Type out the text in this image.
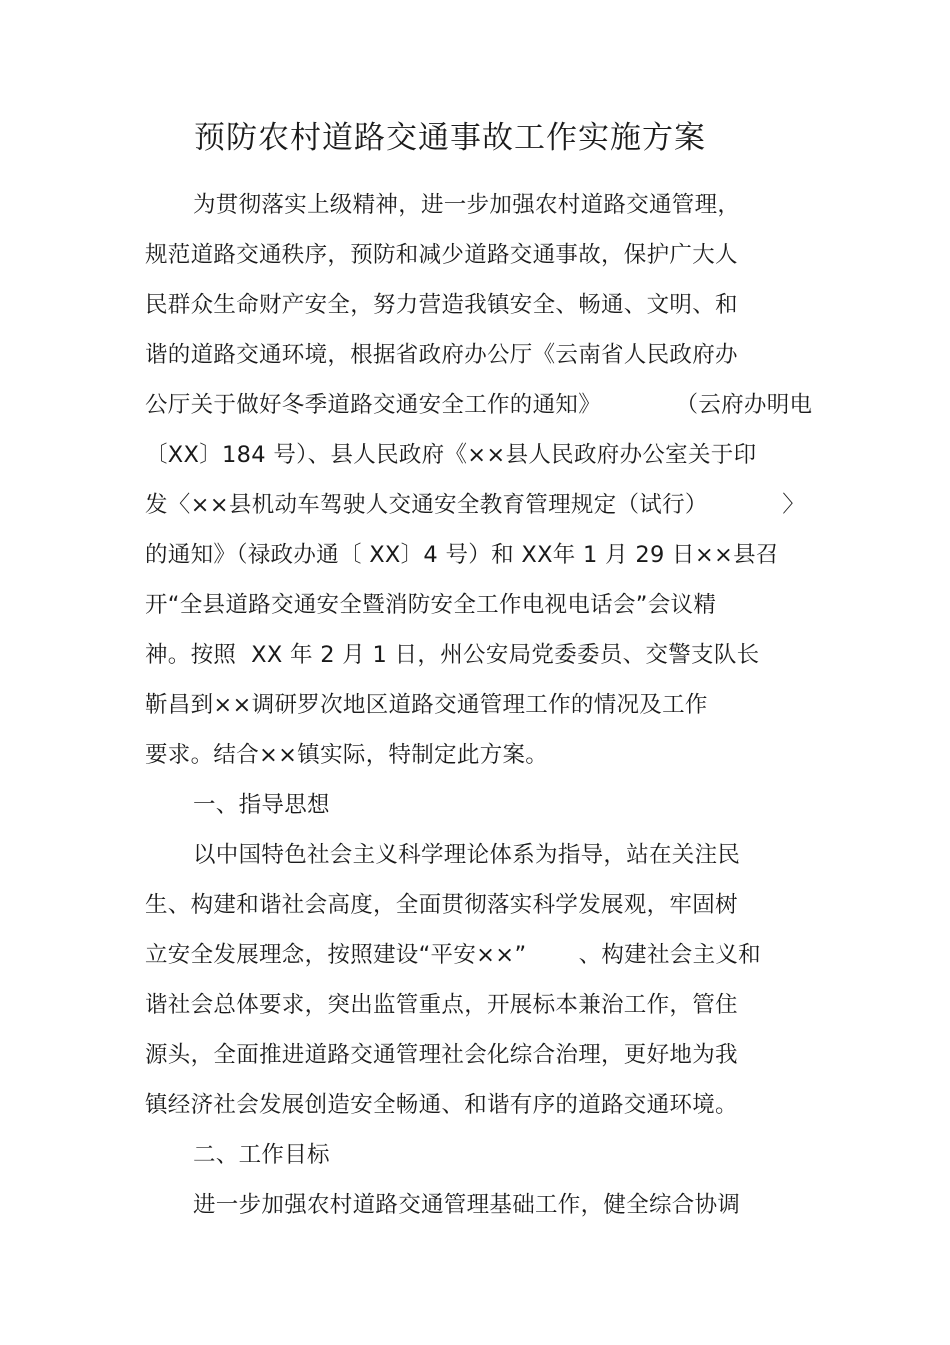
预防农村道路交通事故工作实施方案
为贯彻落实上级精神，进一步加强农村道路交通管理，
规范道路交通秩序，预防和减少道路交通事故，保护广大人
民群众生命财产安全，努力营造我镇安全、畅通、文明、和
谐的道路交通环境，根据省政府办公厅《云南省人民政府办
公厅关于做好冬季道路交通安全工作的通知》          （云府办明电
〔XX〕184 号）、县人民政府《××县人民政府办公室关于印
发〈××县机动车驾驶人交通安全教育管理规定（试行）          〉
的通知》（禄政办通〔 XX〕4 号）和 XX年 1 月 29 日××县召
开“全县道路交通安全暨消防安全工作电视电话会”会议精
神。按照  XX 年 2 月 1 日，州公安局党委委员、交警支队长
靳昌到××调研罗次地区道路交通管理工作的情况及工作
要求。结合××镇实际，特制定此方案。
一、指导思想
以中国特色社会主义科学理论体系为指导，站在关注民
生、构建和谐社会高度，全面贯彻落实科学发展观，牢固树
立安全发展理念，按照建设“平安××”       、构建社会主义和
谐社会总体要求，突出监管重点，开展标本兼治工作，管住
源头，全面推进道路交通管理社会化综合治理，更好地为我
镇经济社会发展创造安全畅通、和谐有序的道路交通环境。
二、工作目标
进一步加强农村道路交通管理基础工作，健全综合协调
